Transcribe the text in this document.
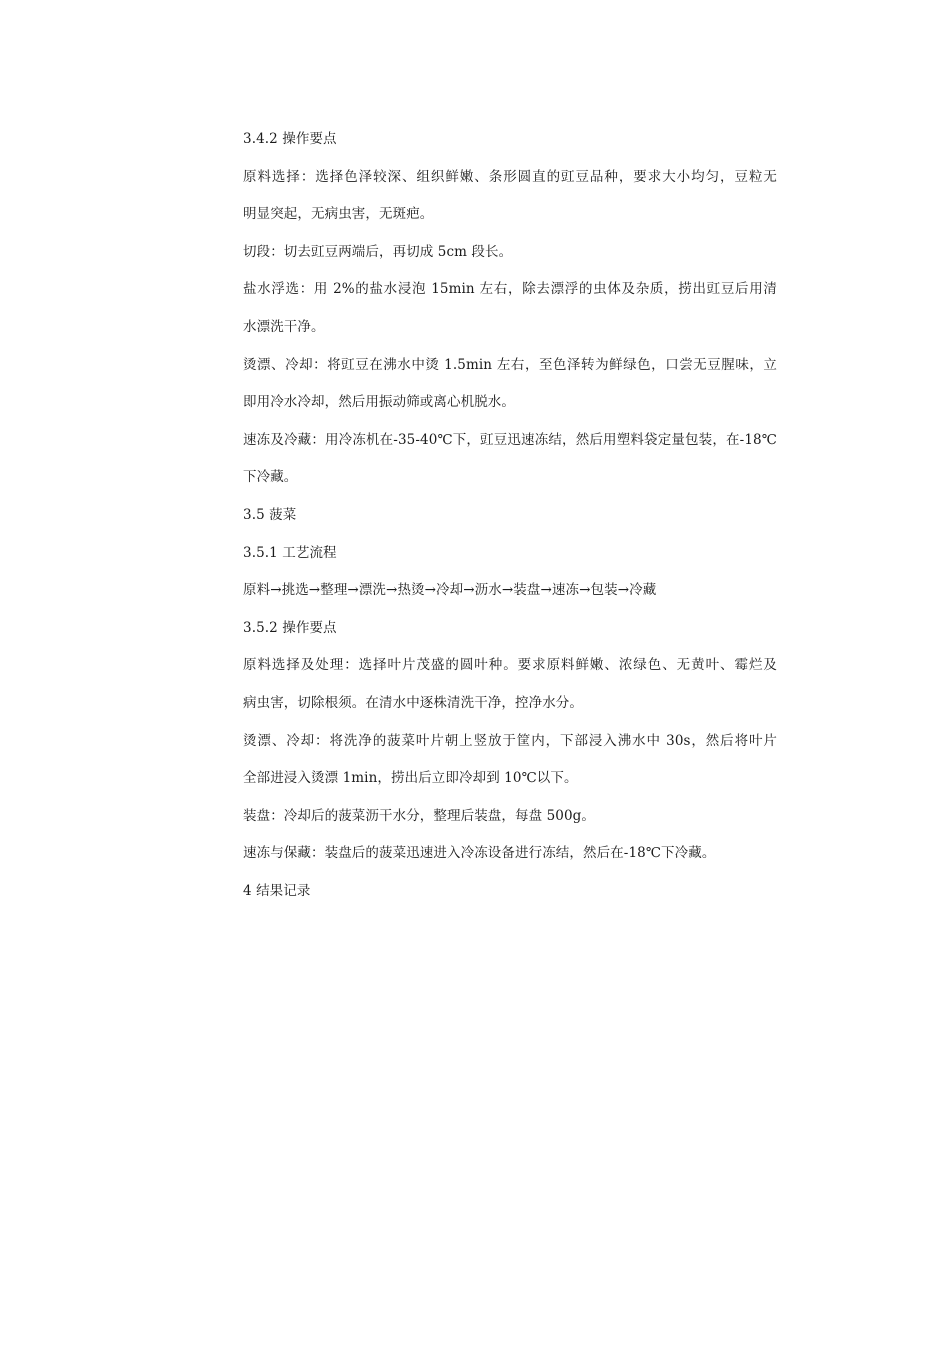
3.4.2 操作要点
原料选择：选择色泽较深、组织鲜嫩、条形圆直的豇豆品种，要求大小均匀，豆粒无
明显突起，无病虫害，无斑疤。
切段：切去豇豆两端后，再切成 5cm 段长。
盐水浮选：用 2%的盐水浸泡 15min 左右，除去漂浮的虫体及杂质，捞出豇豆后用清
水漂洗干净。
烫漂、冷却：将豇豆在沸水中烫 1.5min 左右，至色泽转为鲜绿色，口尝无豆腥味，立
即用冷水冷却，然后用振动筛或离心机脱水。
速冻及冷藏：用冷冻机在-35-40℃下，豇豆迅速冻结，然后用塑料袋定量包装，在-18℃
下冷藏。
3.5 菠菜
3.5.1 工艺流程
原料→挑选→整理→漂洗→热烫→冷却→沥水→装盘→速冻→包装→冷藏
3.5.2 操作要点
原料选择及处理：选择叶片茂盛的圆叶种。要求原料鲜嫩、浓绿色、无黄叶、霉烂及
病虫害，切除根须。在清水中逐株清洗干净，控净水分。
烫漂、冷却：将洗净的菠菜叶片朝上竖放于筐内，下部浸入沸水中 30s，然后将叶片
全部进浸入烫漂 1min，捞出后立即冷却到 10℃以下。
装盘：冷却后的菠菜沥干水分，整理后装盘，每盘 500g。
速冻与保藏：装盘后的菠菜迅速进入冷冻设备进行冻结，然后在-18℃下冷藏。
4 结果记录
